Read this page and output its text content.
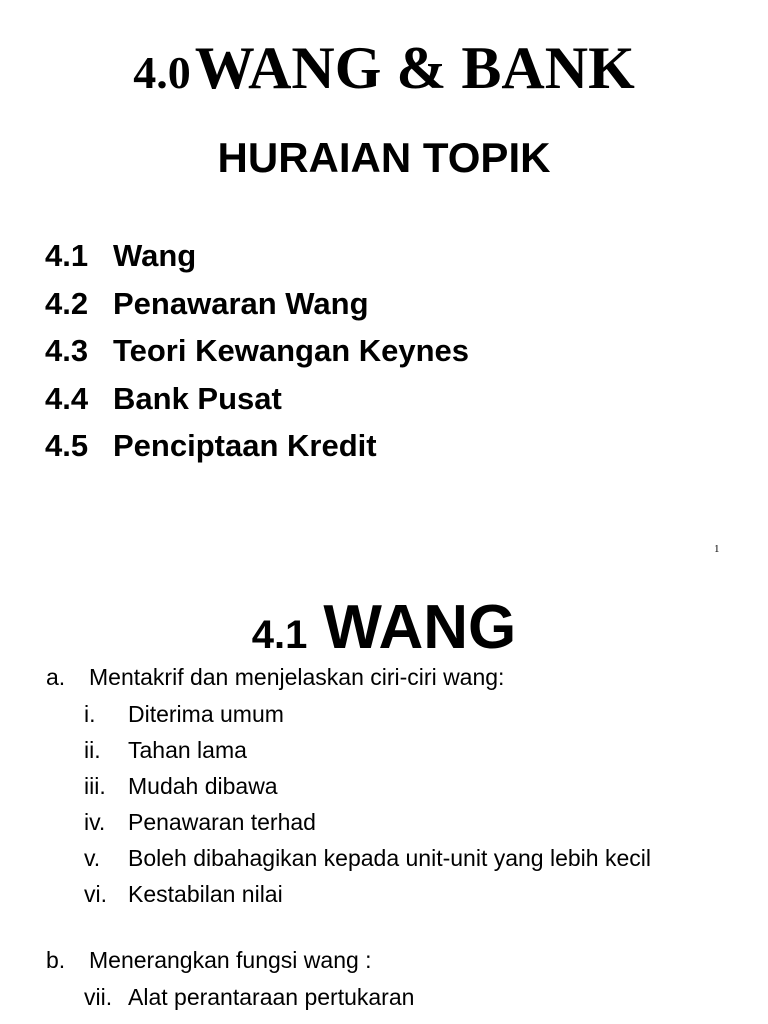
4.0 WANG & BANK
HURAIAN TOPIK
4.1 Wang
4.2 Penawaran Wang
4.3 Teori Kewangan Keynes
4.4 Bank Pusat
4.5 Penciptaan Kredit
1
4.1 WANG
a. Mentakrif dan menjelaskan ciri-ciri wang:
i.	Diterima umum
ii.	Tahan lama
iii. Mudah dibawa
iv. Penawaran terhad
v.	Boleh dibahagikan kepada unit-unit yang lebih kecil
vi. Kestabilan nilai
b. Menerangkan fungsi wang :
vii. Alat perantaraan pertukaran
